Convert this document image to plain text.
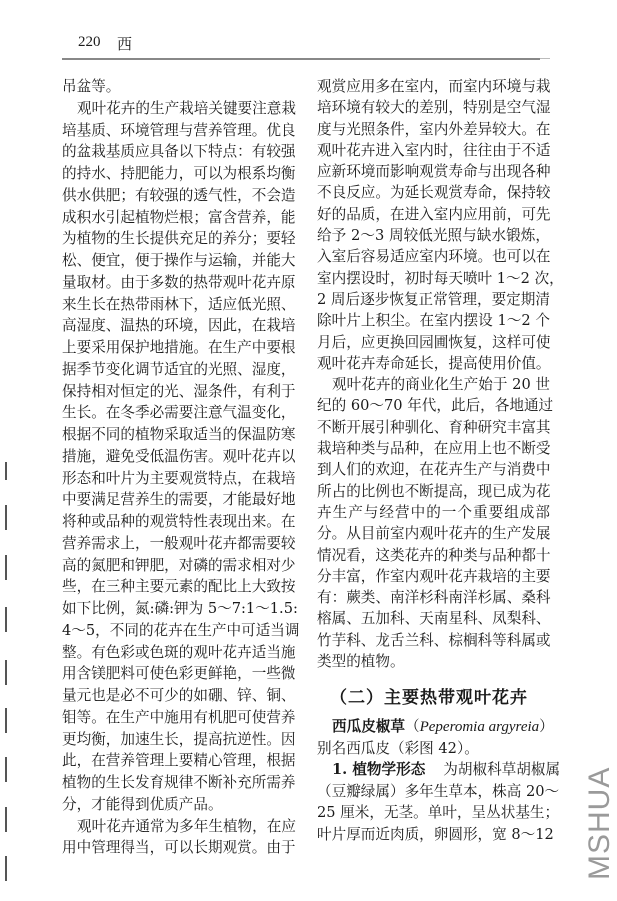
220 西
吊盆等。
观叶花卉的生产栽培关键要注意栽
培基质、环境管理与营养管理。优良
的盆栽基质应具备以下特点：有较强
的持水、持肥能力，可以为根系均衡
供水供肥；有较强的透气性，不会造
成积水引起植物烂根；富含营养，能
为植物的生长提供充足的养分；要轻
松、便宜，便于操作与运输，并能大
量取材。由于多数的热带观叶花卉原
来生长在热带雨林下，适应低光照、
高湿度、温热的环境，因此，在栽培
上要采用保护地措施。在生产中要根
据季节变化调节适宜的光照、湿度，
保持相对恒定的光、湿条件，有利于
生长。在冬季必需要注意气温变化，
根据不同的植物采取适当的保温防寒
措施，避免受低温伤害。观叶花卉以
形态和叶片为主要观赏特点，在栽培
中要满足营养生的需要，才能最好地
将种或品种的观赏特性表现出来。在
营养需求上，一般观叶花卉都需要较
高的氮肥和钾肥，对磷的需求相对少
些，在三种主要元素的配比上大致按
如下比例，氮:磷:钾为 5～7:1～1.5:
4～5，不同的花卉在生产中可适当调
整。有色彩或色斑的观叶花卉适当施
用含镁肥料可使色彩更鲜艳，一些微
量元也是必不可少的如硼、锌、铜、
钼等。在生产中施用有机肥可使营养
更均衡，加速生长，提高抗逆性。因
此，在营养管理上要精心管理，根据
植物的生长发育规律不断补充所需养
分，才能得到优质产品。
观叶花卉通常为多年生植物，在应
用中管理得当，可以长期观赏。由于
观赏应用多在室内，而室内环境与栽
培环境有较大的差别，特别是空气湿
度与光照条件，室内外差异较大。在
观叶花卉进入室内时，往往由于不适
应新环境而影响观赏寿命与出现各种
不良反应。为延长观赏寿命，保持较
好的品质，在进入室内应用前，可先
给予 2～3 周较低光照与缺水锻炼，
入室后容易适应室内环境。也可以在
室内摆设时，初时每天喷叶 1～2 次，
2 周后逐步恢复正常管理，要定期清
除叶片上积尘。在室内摆设 1～2 个
月后，应更换回园圃恢复，这样可使
观叶花卉寿命延长，提高使用价值。
观叶花卉的商业化生产始于 20 世
纪的 60～70 年代，此后，各地通过
不断开展引种驯化、育种研究丰富其
栽培种类与品种，在应用上也不断受
到人们的欢迎，在花卉生产与消费中
所占的比例也不断提高，现已成为花
卉生产与经营中的一个重要组成部
分。从目前室内观叶花卉的生产发展
情况看，这类花卉的种类与品种都十
分丰富，作室内观叶花卉栽培的主要
有：蕨类、南洋杉科南洋杉属、桑科
榕属、五加科、天南星科、凤梨科、
竹芋科、龙舌兰科、棕榈科等科属或
类型的植物。
（二）主要热带观叶花卉
西瓜皮椒草（Peperomia argyreia）
别名西瓜皮（彩图 42）。
1. 植物学形态 为胡椒科草胡椒属
（豆瓣绿属）多年生草本，株高 20～
25 厘米，无茎。单叶，呈丛状基生；
叶片厚而近肉质，卵圆形，宽 8～12 MSHUA
